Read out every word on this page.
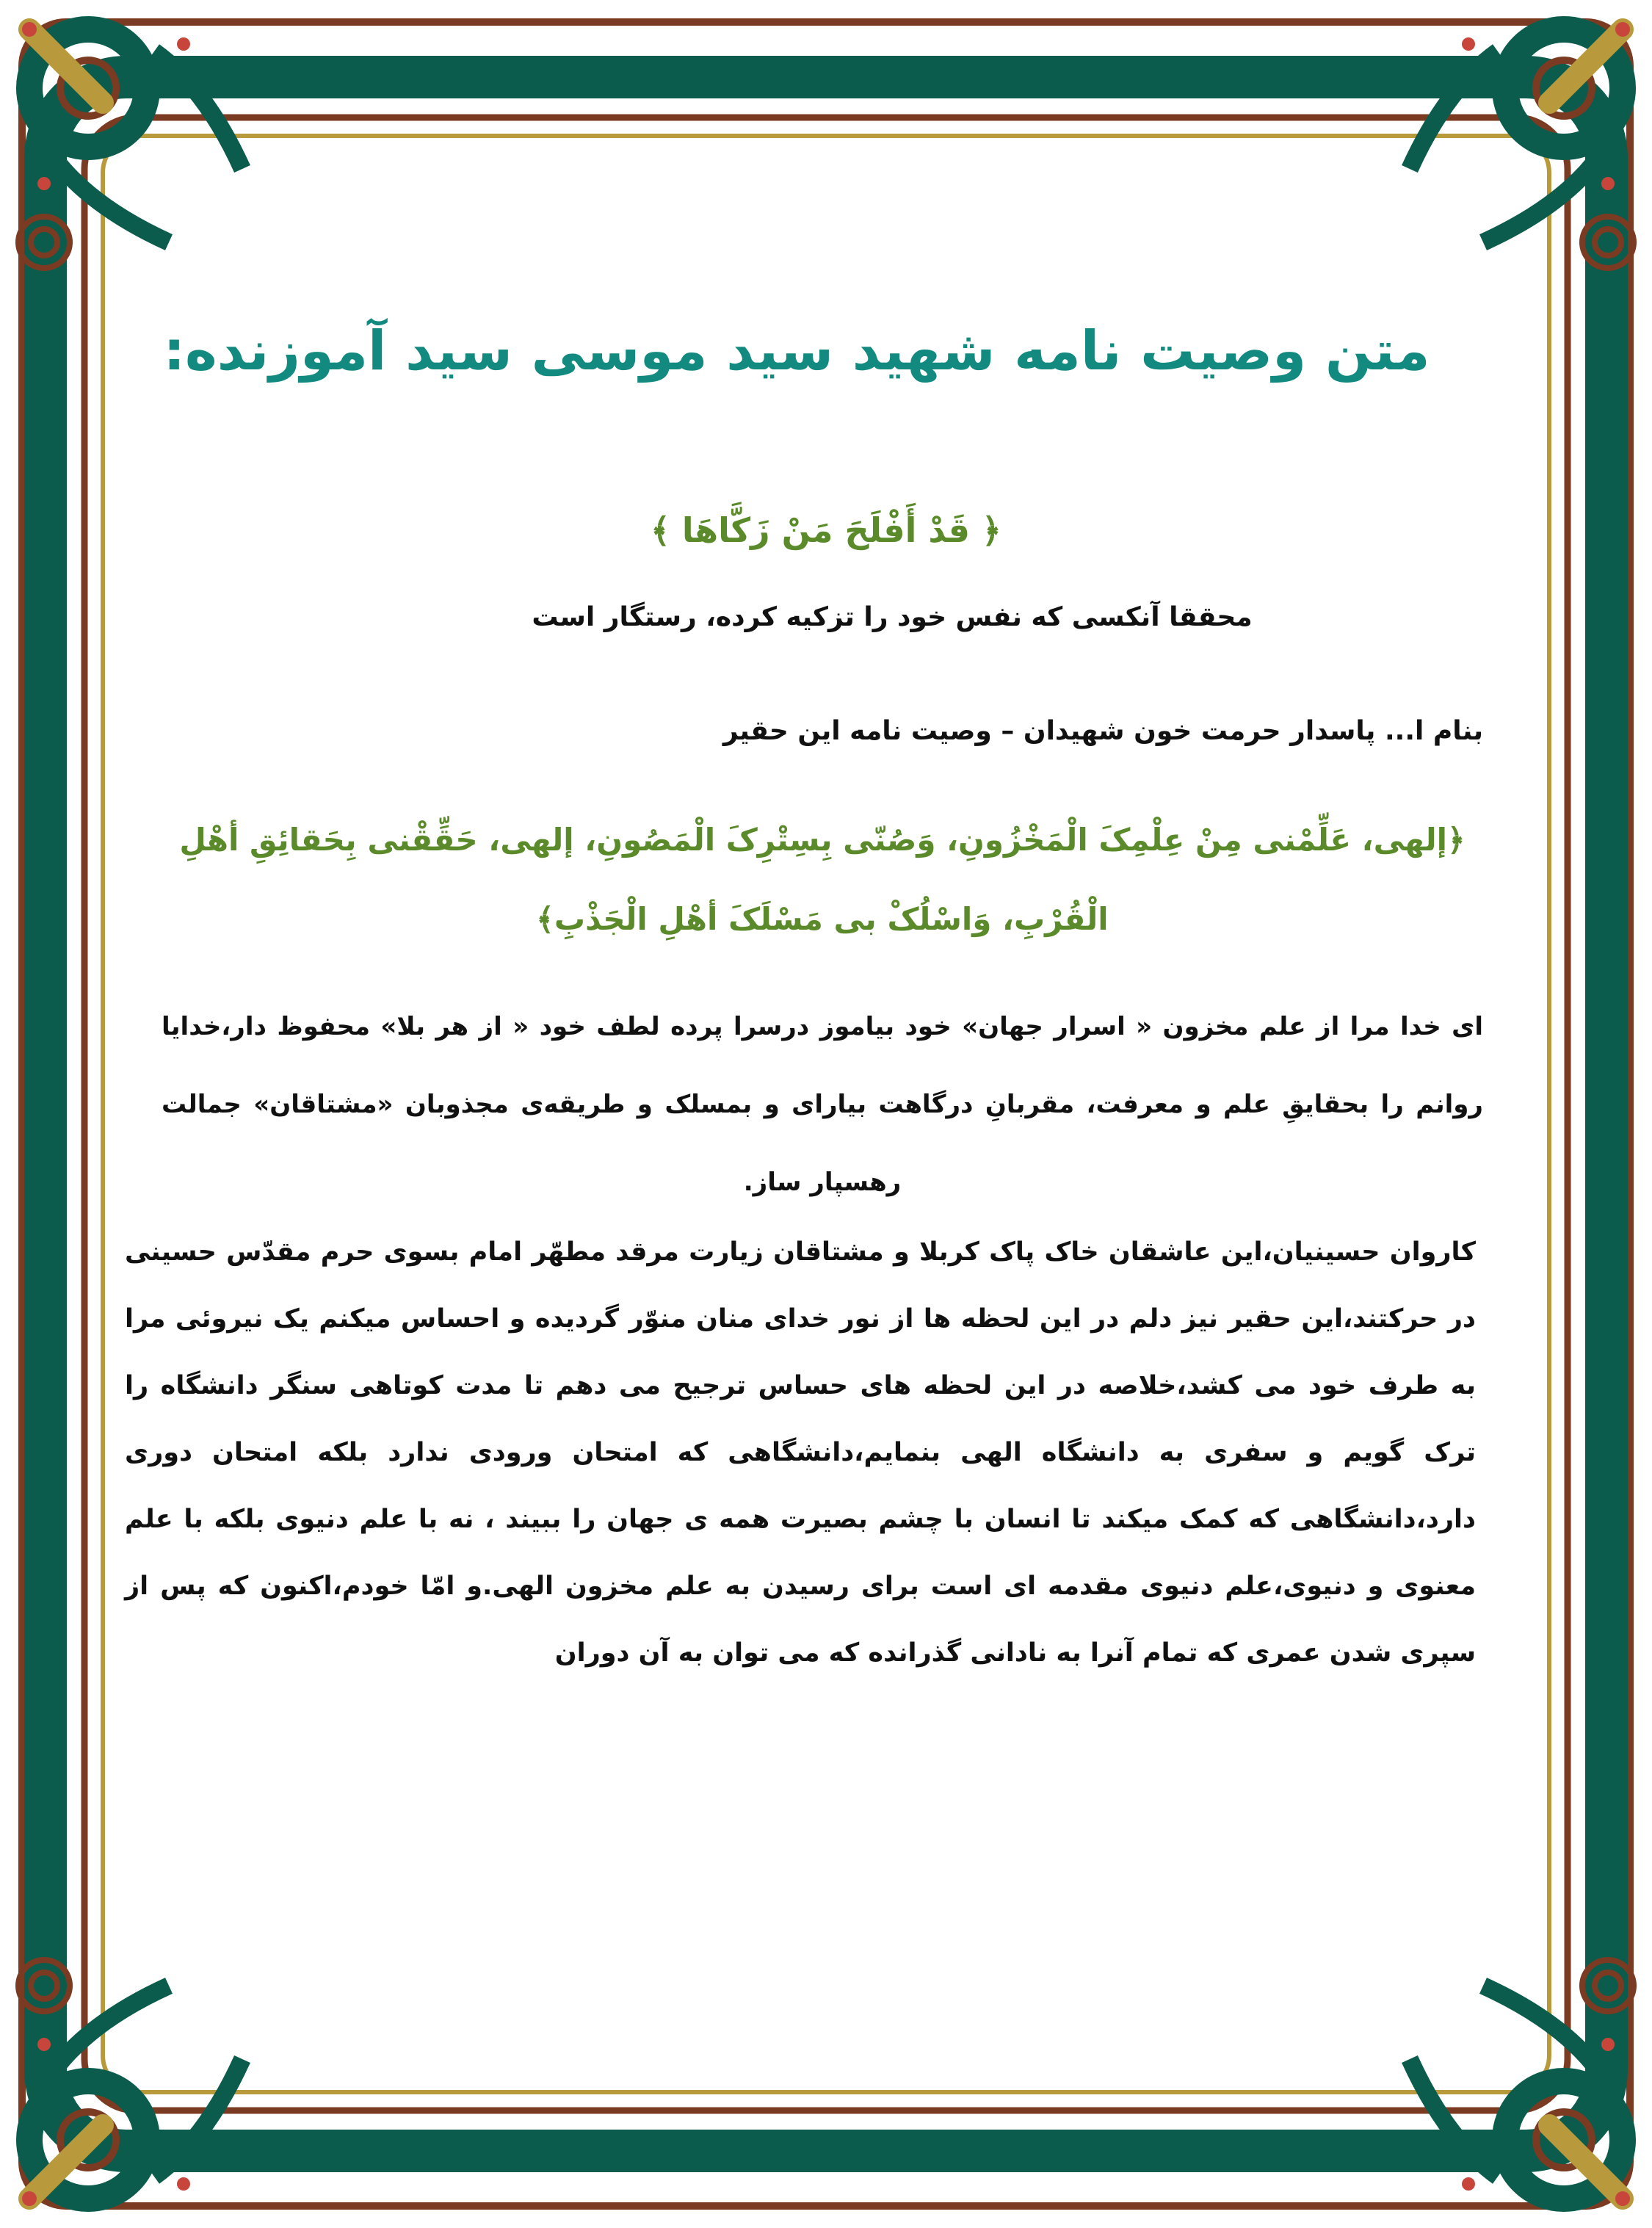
متن وصیت نامه شهید سید موسی سید آموزنده:
﴿ قَدْ أَفْلَحَ مَنْ زَكَّاهَا ﴾
محققا آنکسی که نفس خود را تزکیه کرده، رستگار است
بنام ا... پاسدار حرمت خون شهیدان – وصیت نامه این حقیر
﴿إلهی، عَلِّمْنی مِنْ عِلْمِکَ الْمَخْزُونِ، وَصُنّی بِسِتْرِکَ الْمَصُونِ، إلهی، حَقِّقْنی بِحَقائِقِ أهْلِ الْقُرْبِ، وَاسْلُکْ بی مَسْلَکَ أهْلِ الْجَذْبِ﴾
ای خدا مرا از علم مخزون « اسرار جهان» خود بیاموز درسرا پرده لطف خود « از هر بلا» محفوظ دار،خدایا روانم را بحقایقِ علم و معرفت، مقربانِ درگاهت بیارای و بمسلک و طریقه‌ی مجذوبان «مشتاقان» جمالت رهسپار ساز.
کاروان حسینیان،این عاشقان خاک پاک کربلا و مشتاقان زیارت مرقد مطهّر امام بسوی حرم مقدّس حسینی در حرکتند،این حقیر نیز دلم در این لحظه ها از نور خدای منان منوّر گردیده و احساس میکنم یک نیروئی مرا به طرف خود می کشد،خلاصه در این لحظه های حساس ترجیح می دهم تا مدت کوتاهی سنگر دانشگاه را ترک گویم و سفری به دانشگاه الهی بنمایم،دانشگاهی که امتحان ورودی ندارد بلکه امتحان دوری دارد،دانشگاهی که کمک میکند تا انسان با چشم بصیرت همه ی جهان را ببیند ، نه با علم دنیوی بلکه با علم معنوی و دنیوی،علم دنیوی مقدمه ای است برای رسیدن به علم مخزون الهی.و امّا خودم،اکنون که پس از سپری شدن عمری که تمام آنرا به نادانی گذرانده که می توان به آن دوران
